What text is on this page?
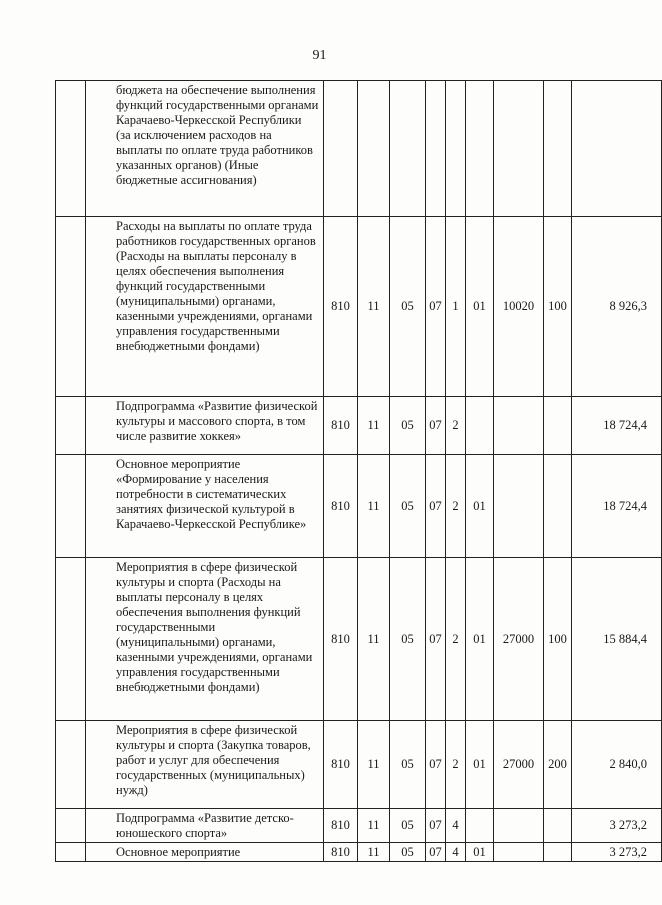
91
	бюджета на обеспечение выполнения функций государственными органами Карачаево-Черкесской Республики (за исключением расходов на выплаты по оплате труда работников указанных органов) (Иные бюджетные ассигнования)									
	Расходы на выплаты по оплате труда работников государственных органов (Расходы на выплаты персоналу в целях обеспечения выполнения функций государственными (муниципальными) органами, казенными учреждениями, органами управления государственными внебюджетными фондами)	810	11	05	07	1	01	10020	100	8 926,3
	Подпрограмма «Развитие физической культуры и массового спорта, в том числе развитие хоккея»	810	11	05	07	2				18 724,4
	Основное мероприятие «Формирование у населения потребности в систематических занятиях физической культурой в Карачаево-Черкесской Республике»	810	11	05	07	2	01			18 724,4
	Мероприятия в сфере физической культуры и спорта (Расходы на выплаты персоналу в целях обеспечения выполнения функций государственными (муниципальными) органами, казенными учреждениями, органами управления государственными внебюджетными фондами)	810	11	05	07	2	01	27000	100	15 884,4
	Мероприятия в сфере физической культуры и спорта (Закупка товаров, работ и услуг для обеспечения государственных (муниципальных) нужд)	810	11	05	07	2	01	27000	200	2 840,0
	Подпрограмма «Развитие детско-юношеского спорта»	810	11	05	07	4				3 273,2
	Основное мероприятие	810	11	05	07	4	01			3 273,2
